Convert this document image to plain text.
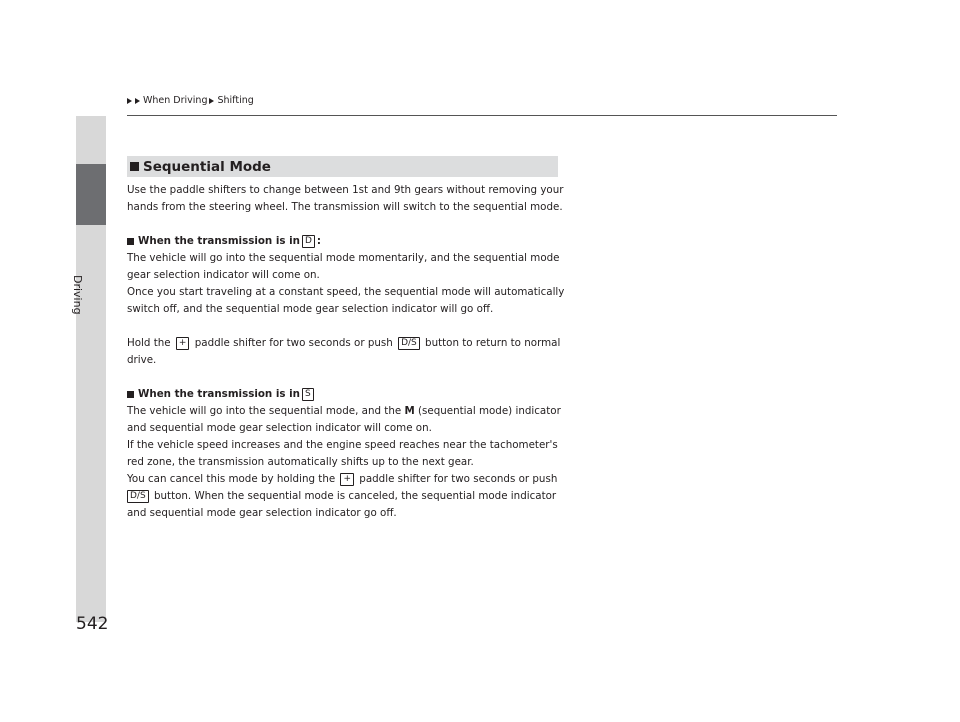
When Driving Shifting
Driving
542
Sequential Mode

Use the paddle shifters to change between 1st and 9th gears without removing your

hands from the steering wheel. The transmission will switch to the sequential mode.

When the transmission is in D :

The vehicle will go into the sequential mode momentarily, and the sequential mode

gear selection indicator will come on.

Once you start traveling at a constant speed, the sequential mode will automatically

switch off, and the sequential mode gear selection indicator will go off.

Hold the + paddle shifter for two seconds or push D/S button to return to normal

drive.

When the transmission is in S

The vehicle will go into the sequential mode, and the M (sequential mode) indicator

and sequential mode gear selection indicator will come on.

If the vehicle speed increases and the engine speed reaches near the tachometer's

red zone, the transmission automatically shifts up to the next gear.

You can cancel this mode by holding the + paddle shifter for two seconds or push

D/S button. When the sequential mode is canceled, the sequential mode indicator

and sequential mode gear selection indicator go off.
